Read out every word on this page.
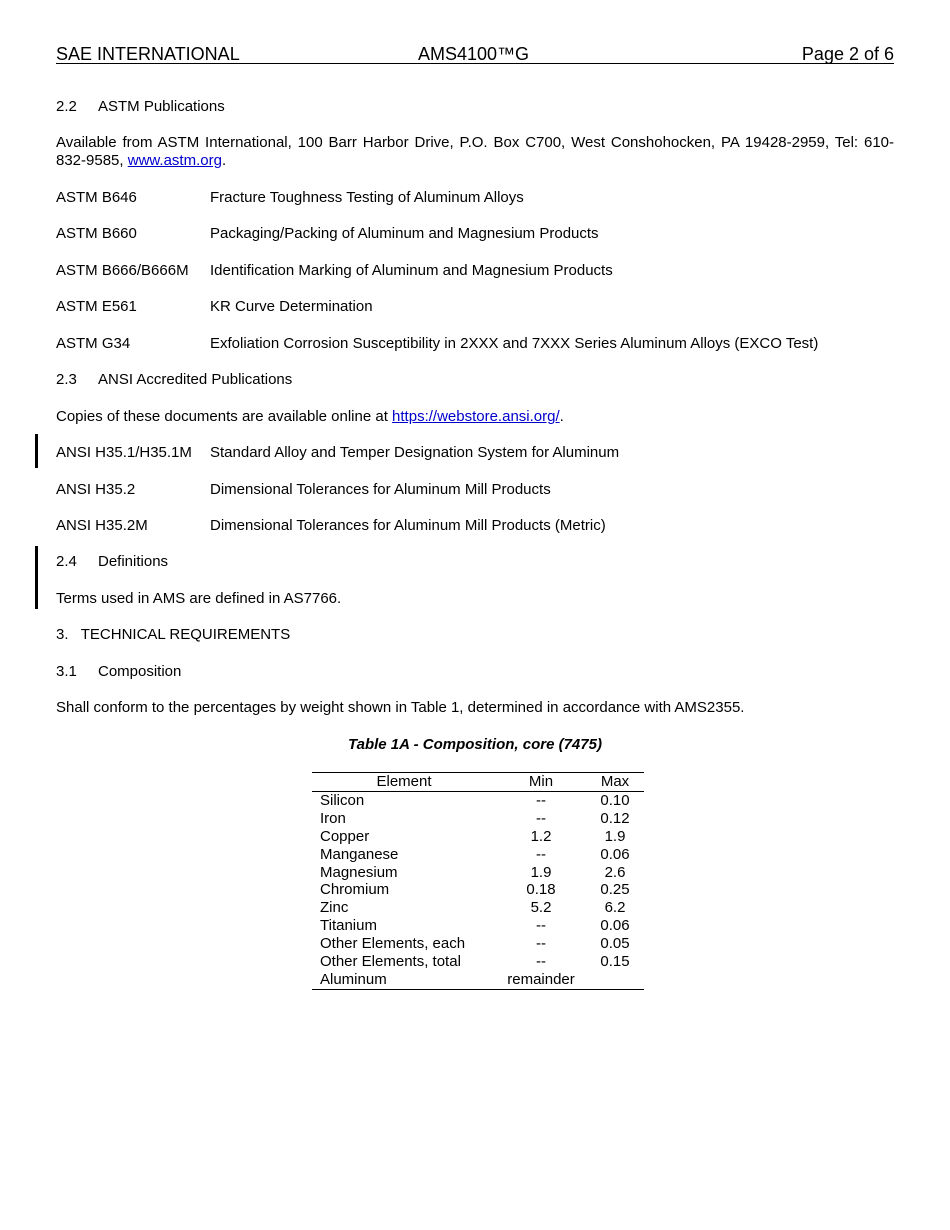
SAE INTERNATIONAL	AMS4100™G	Page 2 of 6
2.2 ASTM Publications
Available from ASTM International, 100 Barr Harbor Drive, P.O. Box C700, West Conshohocken, PA 19428-2959, Tel: 610-832-9585, www.astm.org.
ASTM B646	Fracture Toughness Testing of Aluminum Alloys
ASTM B660	Packaging/Packing of Aluminum and Magnesium Products
ASTM B666/B666M Identification Marking of Aluminum and Magnesium Products
ASTM E561	KR Curve Determination
ASTM G34	Exfoliation Corrosion Susceptibility in 2XXX and 7XXX Series Aluminum Alloys (EXCO Test)
2.3 ANSI Accredited Publications
Copies of these documents are available online at https://webstore.ansi.org/.
ANSI H35.1/H35.1M Standard Alloy and Temper Designation System for Aluminum
ANSI H35.2	Dimensional Tolerances for Aluminum Mill Products
ANSI H35.2M	Dimensional Tolerances for Aluminum Mill Products (Metric)
2.4 Definitions
Terms used in AMS are defined in AS7766.
3.   TECHNICAL REQUIREMENTS
3.1 Composition
Shall conform to the percentages by weight shown in Table 1, determined in accordance with AMS2355.
Table 1A - Composition, core (7475)
Element	Min	Max
Silicon	--	0.10
Iron	--	0.12
Copper	1.2	1.9
Manganese	--	0.06
Magnesium	1.9	2.6
Chromium	0.18	0.25
Zinc	5.2	6.2
Titanium	--	0.06
Other Elements, each	--	0.05
Other Elements, total	--	0.15
Aluminum	remainder	
